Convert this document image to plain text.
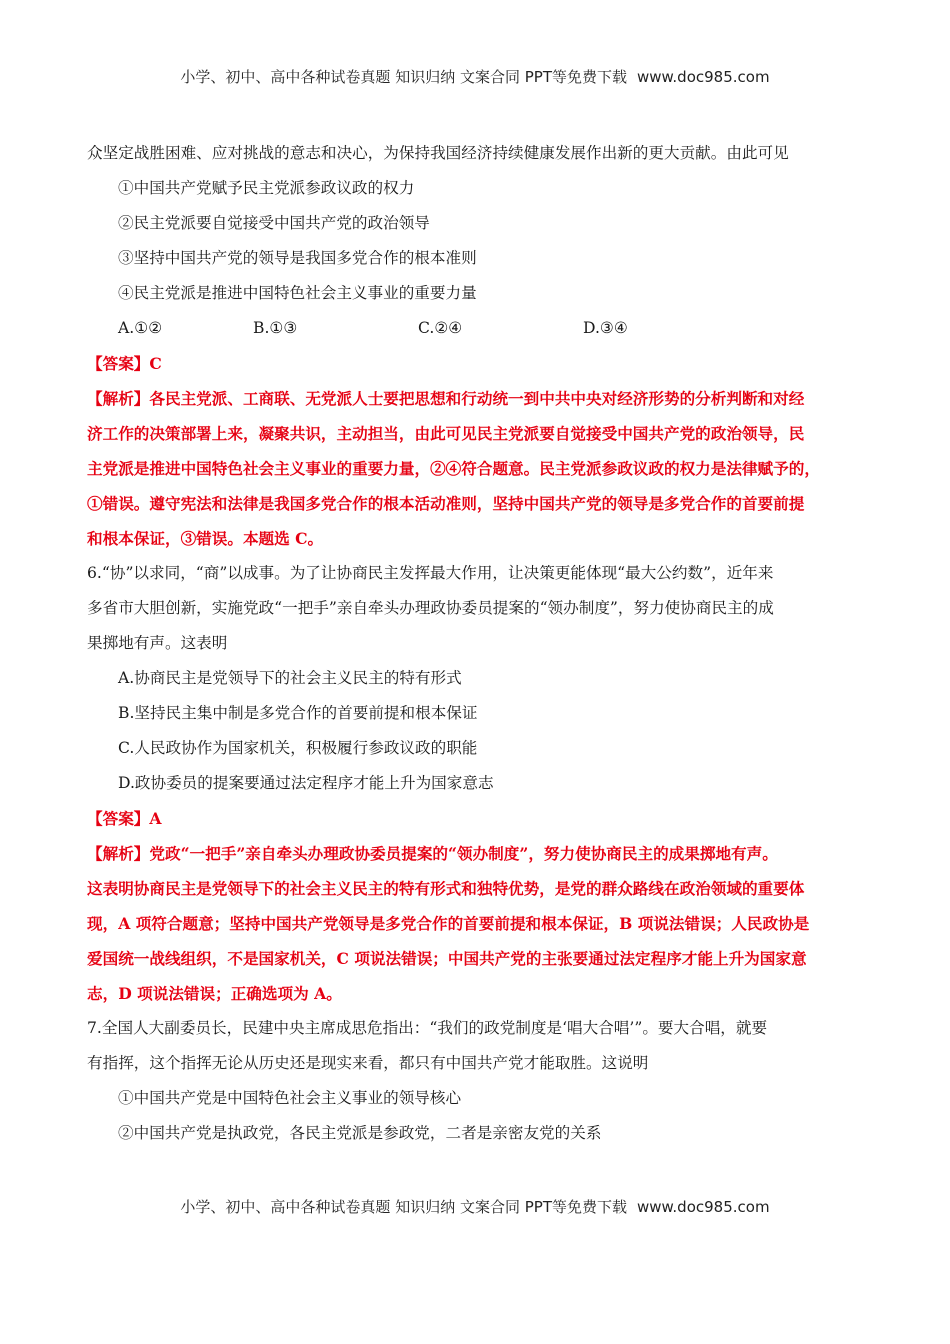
小学、初中、高中各种试卷真题 知识归纳 文案合同 PPT等免费下载 www.doc985.com
众坚定战胜困难、应对挑战的意志和决心，为保持我国经济持续健康发展作出新的更大贡献。由此可见
①中国共产党赋予民主党派参政议政的权力
②民主党派要自觉接受中国共产党的政治领导
③坚持中国共产党的领导是我国多党合作的根本准则
④民主党派是推进中国特色社会主义事业的重要力量
A.①②	B.①③	C.②④	D.③④
【答案】C
【解析】各民主党派、工商联、无党派人士要把思想和行动统一到中共中央对经济形势的分析判断和对经
济工作的决策部署上来，凝聚共识，主动担当，由此可见民主党派要自觉接受中国共产党的政治领导，民
主党派是推进中国特色社会主义事业的重要力量，②④符合题意。民主党派参政议政的权力是法律赋予的，
①错误。遵守宪法和法律是我国多党合作的根本活动准则，坚持中国共产党的领导是多党合作的首要前提
和根本保证，③错误。本题选 C。
6.“协”以求同，“商”以成事。为了让协商民主发挥最大作用，让决策更能体现“最大公约数”，近年来
多省市大胆创新，实施党政“一把手”亲自牵头办理政协委员提案的“领办制度”，努力使协商民主的成
果掷地有声。这表明
A.协商民主是党领导下的社会主义民主的特有形式
B.坚持民主集中制是多党合作的首要前提和根本保证
C.人民政协作为国家机关，积极履行参政议政的职能
D.政协委员的提案要通过法定程序才能上升为国家意志
【答案】A
【解析】党政“一把手”亲自牵头办理政协委员提案的“领办制度”，努力使协商民主的成果掷地有声。
这表明协商民主是党领导下的社会主义民主的特有形式和独特优势，是党的群众路线在政治领域的重要体
现，A 项符合题意；坚持中国共产党领导是多党合作的首要前提和根本保证，B 项说法错误；人民政协是
爱国统一战线组织，不是国家机关，C 项说法错误；中国共产党的主张要通过法定程序才能上升为国家意
志，D 项说法错误；正确选项为 A。
7.全国人大副委员长，民建中央主席成思危指出：“我们的政党制度是‘唱大合唱’”。要大合唱，就要
有指挥，这个指挥无论从历史还是现实来看，都只有中国共产党才能取胜。这说明
①中国共产党是中国特色社会主义事业的领导核心
②中国共产党是执政党，各民主党派是参政党，二者是亲密友党的关系
小学、初中、高中各种试卷真题 知识归纳 文案合同 PPT等免费下载 www.doc985.com
